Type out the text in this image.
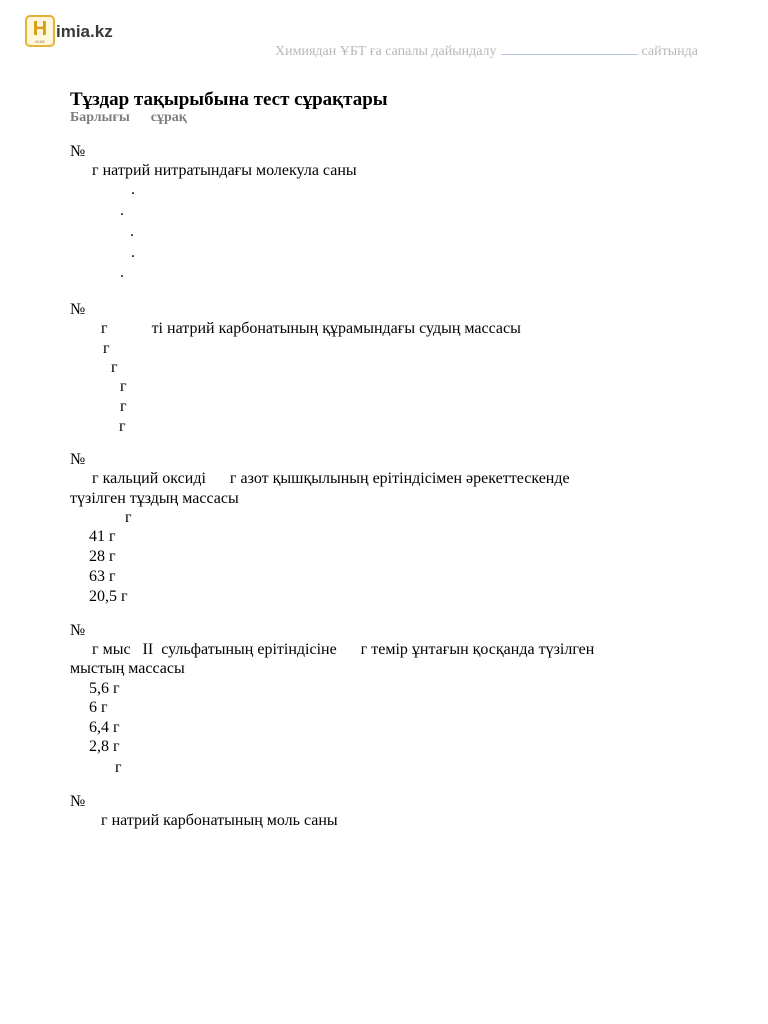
H
H.KZ
imia.kz
Химиядан ҰБТ ға сапалы дайындалу	сайтында
Тұздар тақырыбына тест сұрақтары
Барлығы      сұрақ
№
г натрий нитратындағы молекула саны
.
.
.
.
.
№
г           ті натрий карбонатының құрамындағы судың массасы
г
г
г
г
г
№
г кальций оксиді      г азот қышқылының ерітіндісімен әрекеттескенде
түзілген тұздың массасы
г
41 г
28 г
63 г
20,5 г
№
г мыс   II  сульфатының ерітіндісіне      г темір ұнтағын қосқанда түзілген
мыстың массасы
5,6 г
6 г
6,4 г
2,8 г
г
№
г натрий карбонатының моль саны
